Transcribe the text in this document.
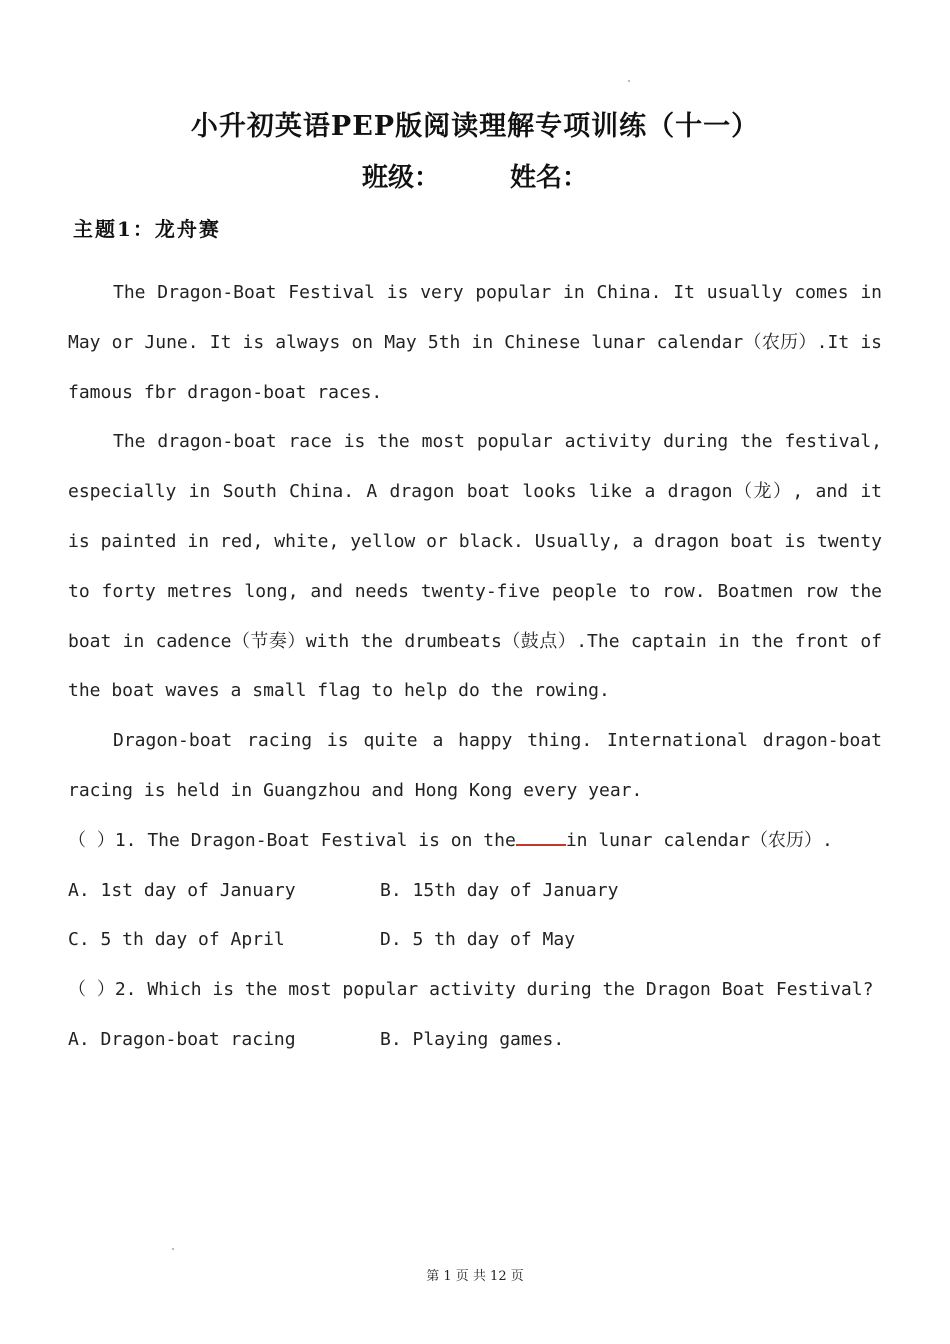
小升初英语PEP版阅读理解专项训练（十一）
班级：	姓名：
主题1：龙舟赛

The Dragon-Boat Festival is very popular in China. It usually comes in May or June. It is always on May 5th in Chinese lunar calendar（农历）.It is famous fbr dragon-boat races.

The dragon-boat race is the most popular activity during the festival, especially in South China. A dragon boat looks like a dragon（龙）, and it is painted in red, white, yellow or black. Usually, a dragon boat is twenty to forty metres long, and needs twenty-five people to row. Boatmen row the boat in cadence（节奏）with the drumbeats（鼓点）.The captain in the front of the boat waves a small flag to help do the rowing.

Dragon-boat racing is quite a happy thing. International dragon-boat racing is held in Guangzhou and Hong Kong every year.

（ ）1. The Dragon-Boat Festival is on the	in lunar calendar（农历）.

A. 1st day of January	B. 15th day of January

C. 5 th day of April	D. 5 th day of May

（ ）2. Which is the most popular activity during the Dragon Boat Festival?

A. Dragon-boat racing	B. Playing games.

第 1 页 共 12 页
